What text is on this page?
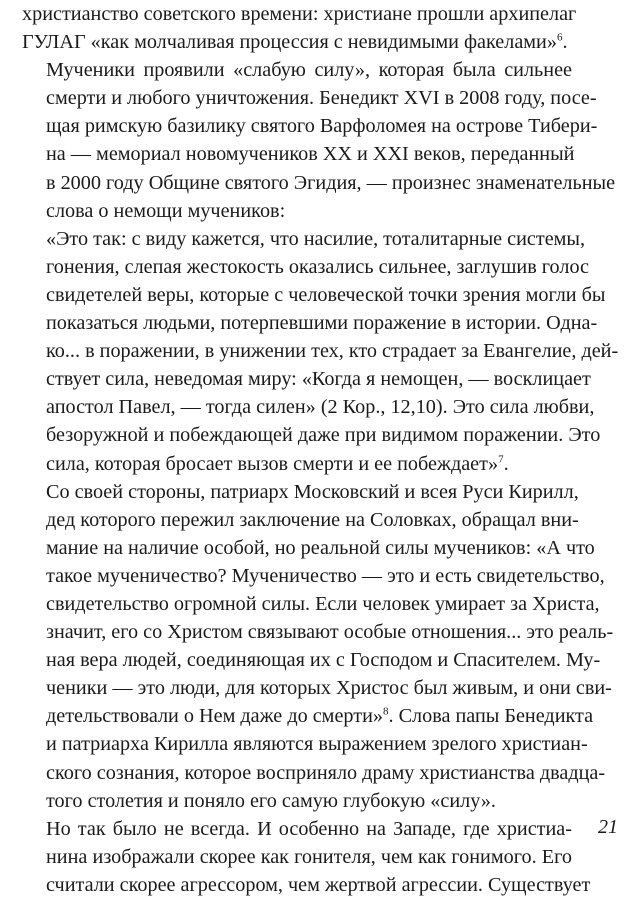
христианство советского времени: христиане прошли архипелаг
ГУЛАГ «как молчаливая процессия с невидимыми факелами»$^6$.
Мученики проявили «слабую силу», которая была сильнее
смерти и любого уничтожения. Бенедикт XVI в 2008 году, посе-
щая римскую базилику святого Варфоломея на острове Тибери-
на — мемориал новомучеников XX и XXI веков, переданный
в 2000 году Общине святого Эгидия, — произнес знаменательные
слова о немощи мучеников:
«Это так: с виду кажется, что насилие, тоталитарные системы,
гонения, слепая жестокость оказались сильнее, заглушив голос
свидетелей веры, которые с человеческой точки зрения могли бы
показаться людьми, потерпевшими поражение в истории. Одна-
ко... в поражении, в унижении тех, кто страдает за Евангелие, дей-
ствует сила, неведомая миру: «Когда я немощен, — восклицает
апостол Павел, — тогда силен» (2 Кор., 12,10). Это сила любви,
безоружной и побеждающей даже при видимом поражении. Это
сила, которая бросает вызов смерти и ее побеждает»$^7$.
Со своей стороны, патриарх Московский и всея Руси Кирилл,
дед которого пережил заключение на Соловках, обращал вни-
мание на наличие особой, но реальной силы мучеников: «А что
такое мученичество? Мученичество — это и есть свидетельство,
свидетельство огромной силы. Если человек умирает за Христа,
значит, его со Христом связывают особые отношения... это реаль-
ная вера людей, соединяющая их с Господом и Спасителем. Му-
ченики — это люди, для которых Христос был живым, и они сви-
детельствовали о Нем даже до смерти»$^8$. Слова папы Бенедикта
и патриарха Кирилла являются выражением зрелого христиан-
ского сознания, которое восприняло драму христианства двадца-
того столетия и поняло его самую глубокую «силу».
Но так было не всегда. И особенно на Западе, где христиа-
нина изображали скорее как гонителя, чем как гонимого. Его
считали скорее агрессором, чем жертвой агрессии. Существует
21
